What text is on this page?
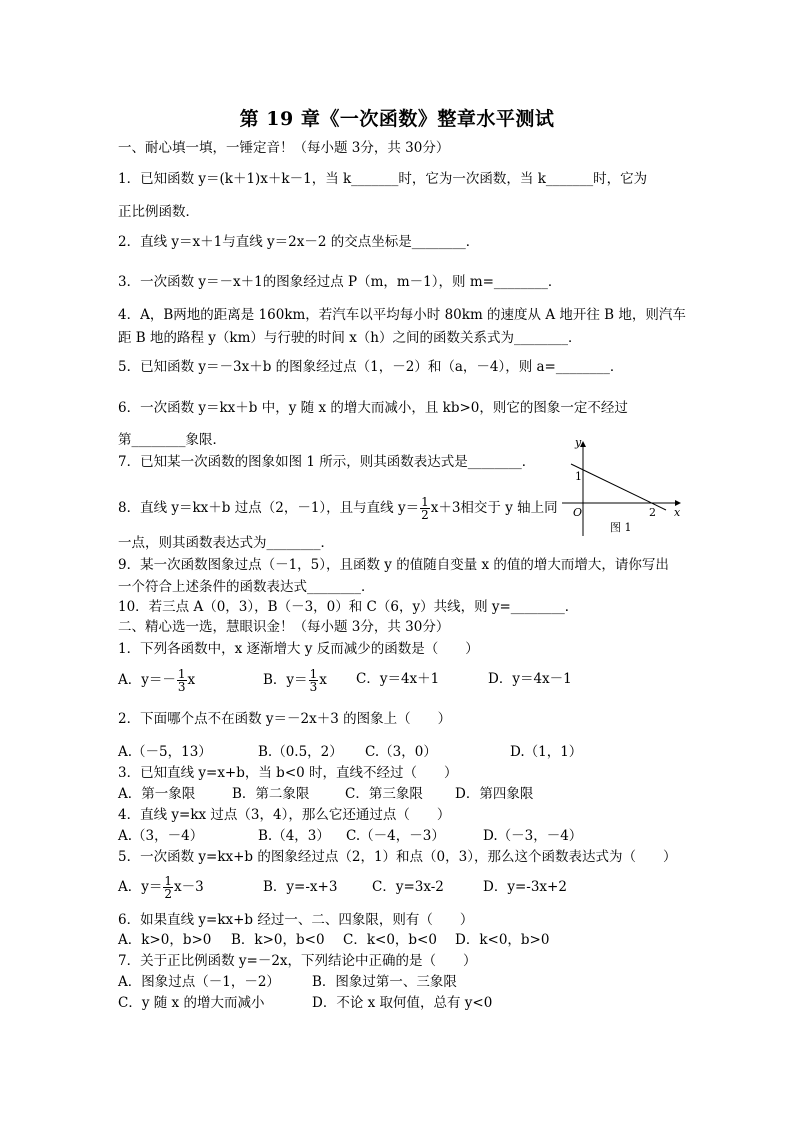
第 19 章《一次函数》整章水平测试
一、耐心填一填，一锤定音！（每小题 3分，共 30分）
1．已知函数 y＝(k＋1)x＋k－1，当 k_______时，它为一次函数，当 k_______时，它为
正比例函数．
2．直线 y＝x＋1与直线 y＝2x－2 的交点坐标是________．
3．一次函数 y＝－x＋1的图象经过点 P（m，m－1），则 m=________．
4．A，B两地的距离是 160km，若汽车以平均每小时 80km 的速度从 A 地开往 B 地，则汽车
距 B 地的路程 y（km）与行驶的时间 x（h）之间的函数关系式为________．
5．已知函数 y＝－3x＋b 的图象经过点（1，－2）和（a，－4），则 a=________．
6．一次函数 y＝kx＋b 中，y 随 x 的增大而减小，且 kb>0，则它的图象一定不经过
第________象限．
7．已知某一次函数的图象如图 1 所示，则其函数表达式是________．
8．直线 y＝kx＋b 过点（2，－1），且与直线 $y= \frac{1}{2} x+3$相交于 y 轴上同
一点，则其函数表达式为________．
9．某一次函数图象过点（－1，5），且函数 y 的值随自变量 x 的值的增大而增大，请你写出
一个符合上述条件的函数表达式________．
10．若三点 A（0，3），B（－3，0）和 C（6，y）共线，则 y=________．
二、精心选一选，慧眼识金！（每小题 3分，共 30分）
1．下列各函数中，x 逐渐增大 y 反而减少的函数是（　　）
A．$y=- \frac{1}{3}$ x	B．$y= \frac{1}{3}$ x C．y＝4x＋1	D．y＝4x－1
2．下面哪个点不在函数 y＝－2x＋3 的图象上（　　）
A.（－5，13）	B.（0.5，2） C.（3，0）	D.（1，1）
3．已知直线 y=x+b，当 b<0 时，直线不经过（　　）
A．第一象限	B．第二象限	C．第三象限 D．第四象限
4．直线 y=kx 过点（3，4），那么它还通过点（　　）
A.（3，－4）	B.（4，3） C.（－4，－3）	D.（－3，－4）
5．一次函数 y=kx+b 的图象经过点（2，1）和点（0，3），那么这个函数表达式为（　　）
A．$y= \frac{1}{2} x-3$	B．y=-x+3	C．y=3x-2	D．y=-3x+2
6．如果直线 y=kx+b 经过一、二、四象限，则有（　　）
A．k>0，b>0 B．k>0，b<0 C．k<0，b<0 D．k<0，b>0
7．关于正比例函数 y=－2x，下列结论中正确的是（　　）
A．图象过点（－1，－2） B．图象过第一、三象限
C．y 随 x 的增大而减小	D．不论 x 取何值，总有 y<0
y
x
O
1
2
图 1
